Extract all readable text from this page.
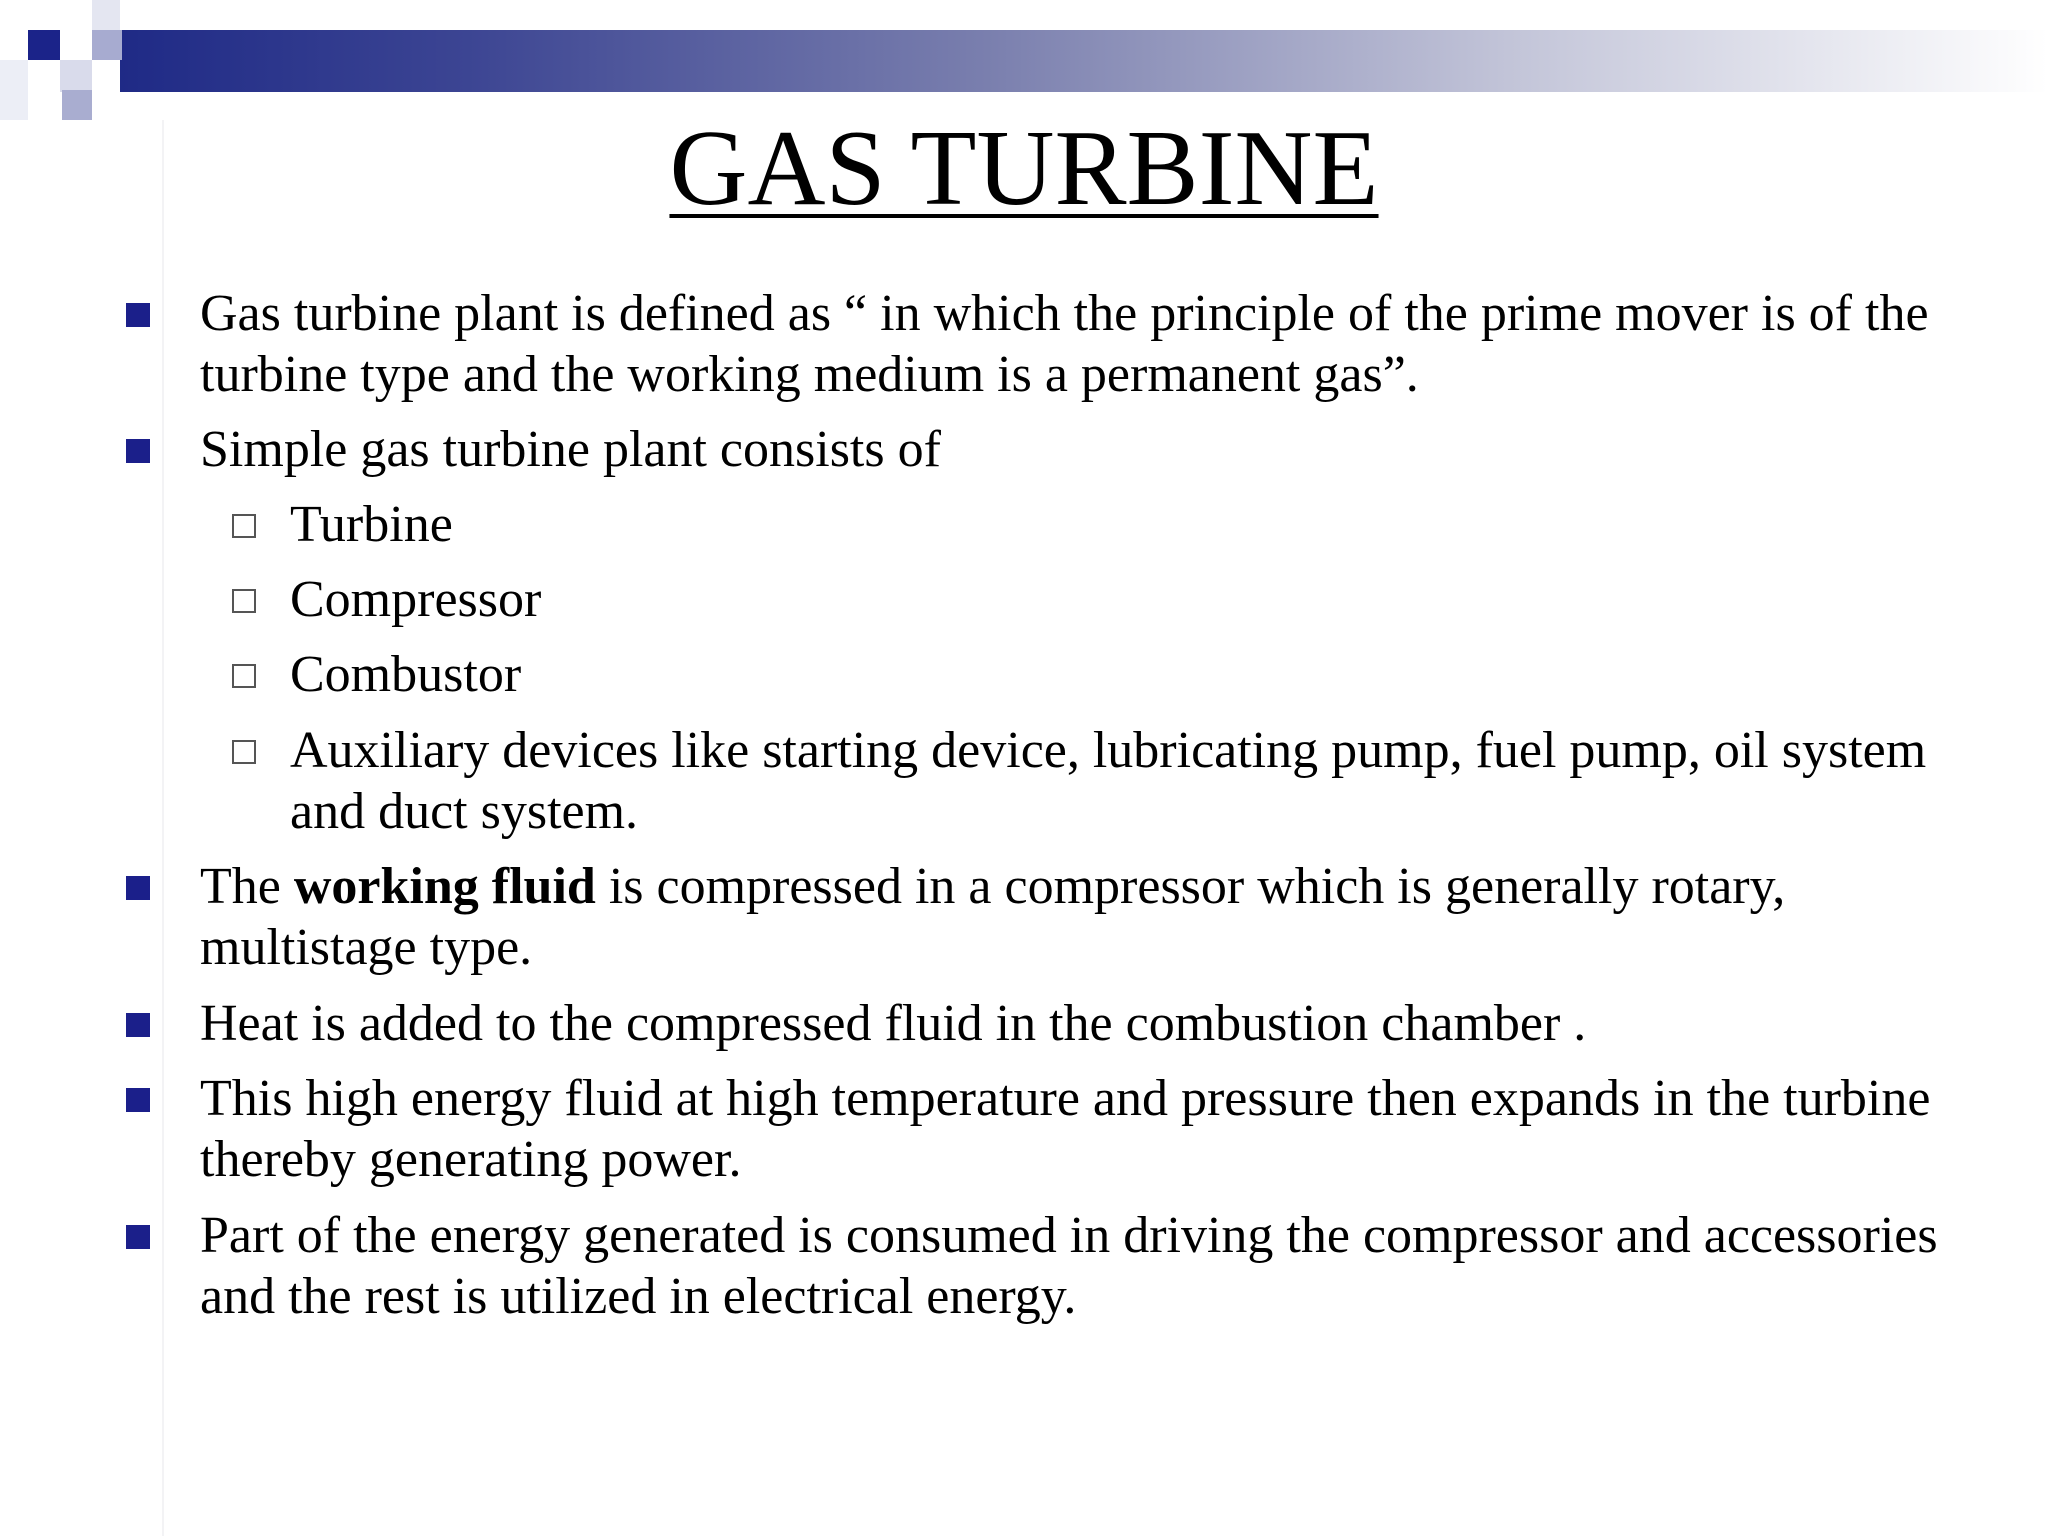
GAS TURBINE
Gas turbine plant is defined as “ in which the principle of the prime mover is of the turbine type and the working medium is a permanent gas”.
Simple gas turbine plant consists of
Turbine
Compressor
Combustor
Auxiliary devices like starting device, lubricating pump, fuel pump, oil system and duct system.
The working fluid is compressed in a compressor which is generally rotary, multistage type.
Heat is added to the compressed fluid in the combustion chamber .
This high energy fluid at high temperature and pressure then expands in the turbine thereby generating power.
Part of the energy generated is consumed in driving the compressor and accessories and the rest is utilized in electrical energy.
